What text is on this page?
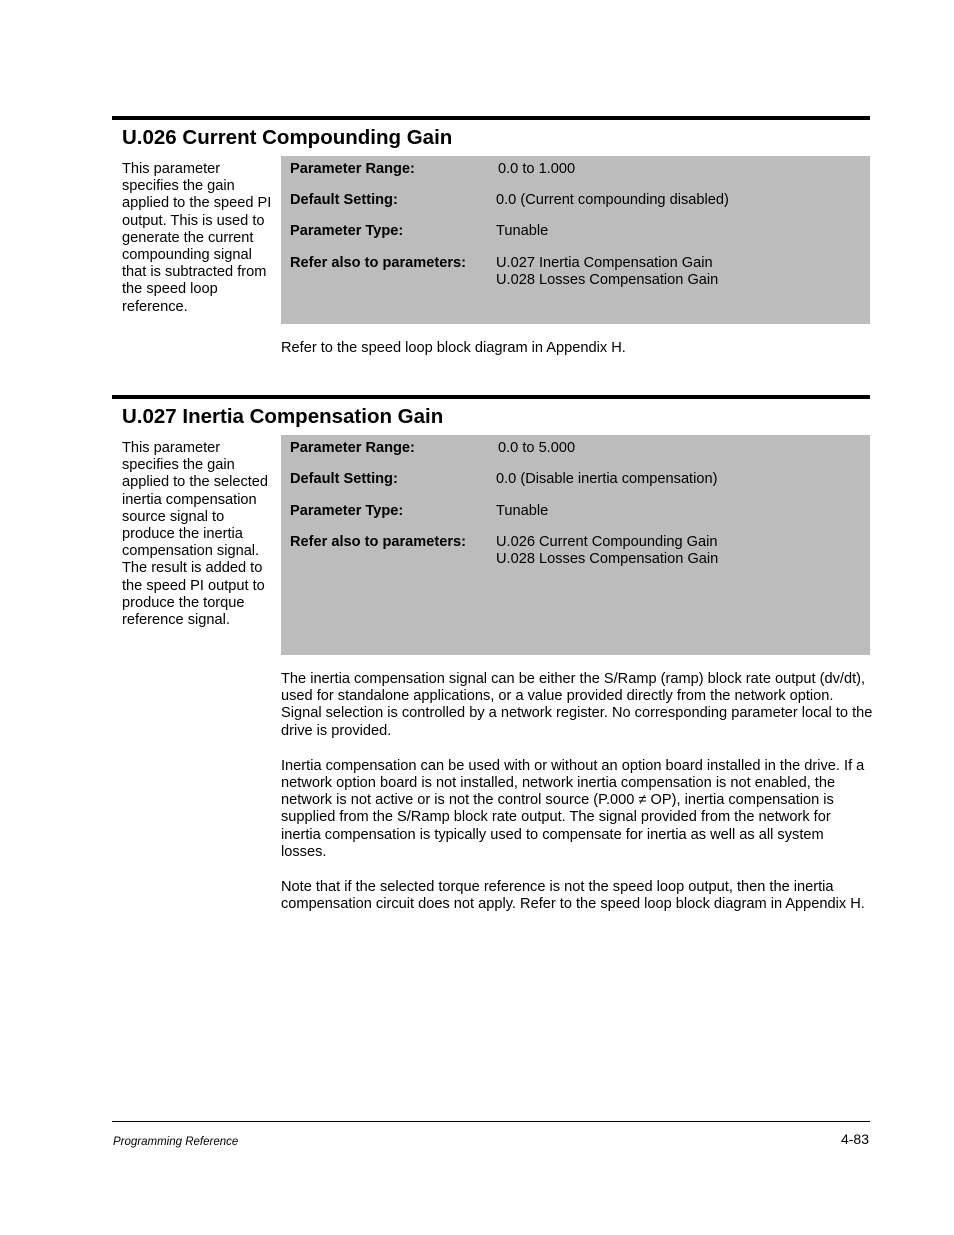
U.026 Current Compounding Gain
This parameter specifies the gain applied to the speed PI output. This is used to generate the current compounding signal that is subtracted from the speed loop reference.
Parameter Range:	0.0 to 1.000
Default Setting:	0.0 (Current compounding disabled)
Parameter Type:	Tunable
Refer also to parameters: U.027 Inertia Compensation Gain
U.028 Losses Compensation Gain

Refer to the speed loop block diagram in Appendix H.

U.027 Inertia Compensation Gain
This parameter specifies the gain applied to the selected inertia compensation source signal to produce the inertia compensation signal. The result is added to the speed PI output to produce the torque reference signal.
Parameter Range:	0.0 to 5.000
Default Setting:	0.0 (Disable inertia compensation)
Parameter Type:	Tunable
Refer also to parameters: U.026 Current Compounding Gain
U.028 Losses Compensation Gain

The inertia compensation signal can be either the S/Ramp (ramp) block rate output (dv/dt), used for standalone applications, or a value provided directly from the network option. Signal selection is controlled by a network register. No corresponding parameter local to the drive is provided.

Inertia compensation can be used with or without an option board installed in the drive. If a network option board is not installed, network inertia compensation is not enabled, the network is not active or is not the control source (P.000 ≠ OP), inertia compensation is supplied from the S/Ramp block rate output. The signal provided from the network for inertia compensation is typically used to compensate for inertia as well as all system losses.

Note that if the selected torque reference is not the speed loop output, then the inertia compensation circuit does not apply. Refer to the speed loop block diagram in Appendix H.

Programming Reference	4-83
